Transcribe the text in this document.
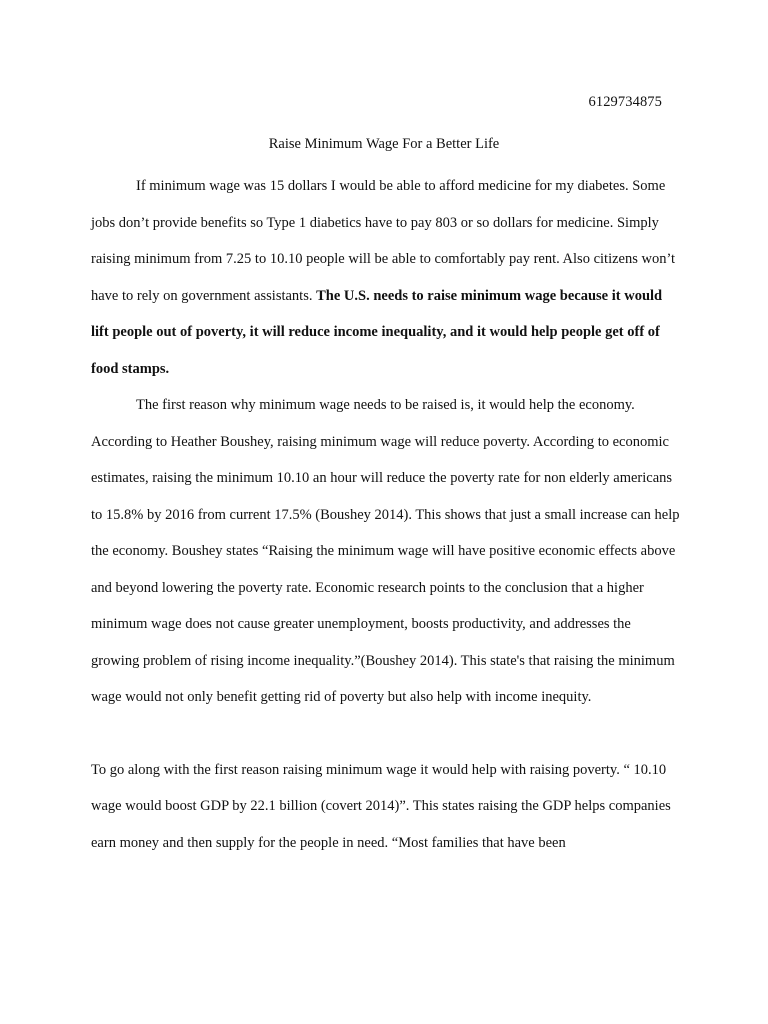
6129734875
Raise Minimum Wage For a Better Life

If minimum wage was 15 dollars I would be able to afford medicine for my diabetes. Some jobs don’t provide benefits so Type 1 diabetics have to pay 803 or so dollars for medicine. Simply raising minimum from 7.25 to 10.10 people will be able to comfortably pay rent. Also citizens won’t have to rely on government assistants. The U.S. needs to raise minimum wage because it would lift people out of poverty, it will reduce income inequality, and it would help people get off of food stamps.

The first reason why minimum wage needs to be raised is, it would help the economy. According to Heather Boushey, raising minimum wage will reduce poverty. According to economic estimates, raising the minimum 10.10 an hour will reduce the poverty rate for non elderly americans to 15.8% by 2016 from current 17.5% (Boushey 2014). This shows that just a small increase can help the economy. Boushey states “Raising the minimum wage will have positive economic effects above and beyond lowering the poverty rate. Economic research points to the conclusion that a higher minimum wage does not cause greater unemployment, boosts productivity, and addresses the growing problem of rising income inequality.”(Boushey 2014). This state's that raising the minimum wage would not only benefit getting rid of poverty but also help with income inequity.

To go along with the first reason raising minimum wage it would help with raising poverty. “ 10.10 wage would boost GDP by 22.1 billion (covert 2014)”. This states raising the GDP helps companies earn money and then supply for the people in need. “Most families that have been
